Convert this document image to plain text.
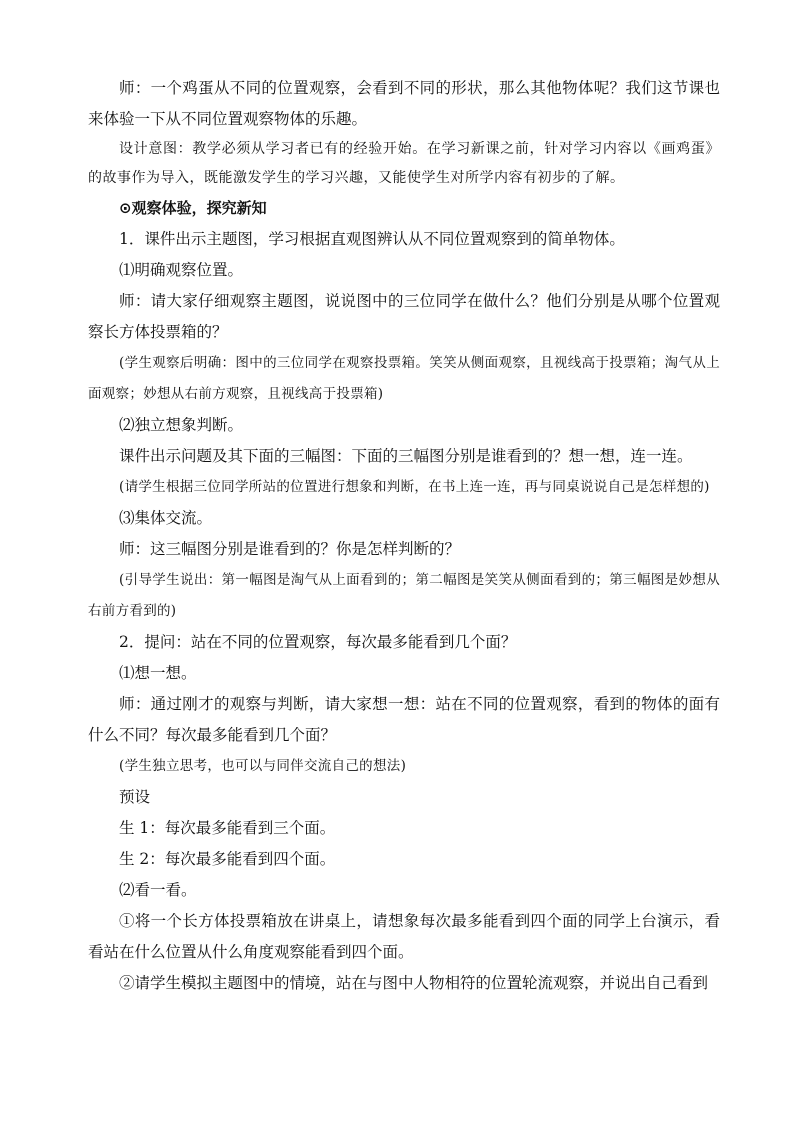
师：一个鸡蛋从不同的位置观察，会看到不同的形状，那么其他物体呢？我们这节课也来体验一下从不同位置观察物体的乐趣。

设计意图：教学必须从学习者已有的经验开始。在学习新课之前，针对学习内容以《画鸡蛋》的故事作为导入，既能激发学生的学习兴趣，又能使学生对所学内容有初步的了解。

⊙观察体验，探究新知

1．课件出示主题图，学习根据直观图辨认从不同位置观察到的简单物体。

⑴明确观察位置。

师：请大家仔细观察主题图，说说图中的三位同学在做什么？他们分别是从哪个位置观察长方体投票箱的？

(学生观察后明确：图中的三位同学在观察投票箱。笑笑从侧面观察，且视线高于投票箱；淘气从上面观察；妙想从右前方观察，且视线高于投票箱)

⑵独立想象判断。

课件出示问题及其下面的三幅图：下面的三幅图分别是谁看到的？想一想，连一连。

(请学生根据三位同学所站的位置进行想象和判断，在书上连一连，再与同桌说说自己是怎样想的)

⑶集体交流。

师：这三幅图分别是谁看到的？你是怎样判断的？

(引导学生说出：第一幅图是淘气从上面看到的；第二幅图是笑笑从侧面看到的；第三幅图是妙想从右前方看到的)

2．提问：站在不同的位置观察，每次最多能看到几个面？

⑴想一想。

师：通过刚才的观察与判断，请大家想一想：站在不同的位置观察，看到的物体的面有什么不同？每次最多能看到几个面？

(学生独立思考，也可以与同伴交流自己的想法)

预设

生 1：每次最多能看到三个面。

生 2：每次最多能看到四个面。

⑵看一看。

①将一个长方体投票箱放在讲桌上，请想象每次最多能看到四个面的同学上台演示，看看站在什么位置从什么角度观察能看到四个面。

②请学生模拟主题图中的情境，站在与图中人物相符的位置轮流观察，并说出自己看到
